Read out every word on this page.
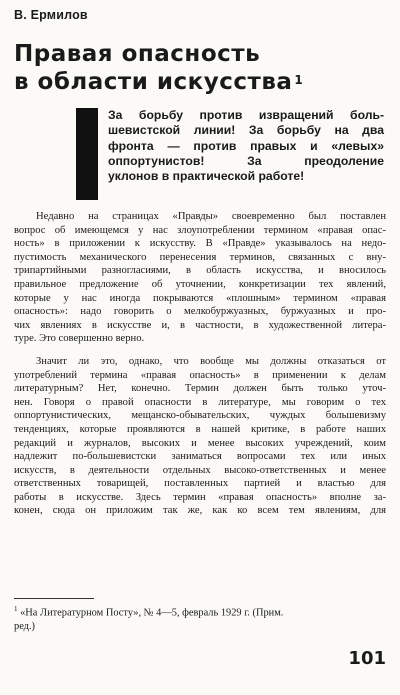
В. Ермилов
Правая опасность
в области искусства $^1$
За борьбу против извращений боль-
шевистской линии! За борьбу на два
фронта — против правых и «левых»
оппортунистов! За преодоление
уклонов в практической работе!
Недавно на страницах «Правды» своевременно был поставлен
вопрос об имеющемся у нас злоупотреблении термином «правая опас-
ность» в приложении к искусству. В «Правде» указывалось на недо-
пустимость механического перенесения терминов, связанных с вну-
трипартийными разногласиями, в область искусства, и вносилось
правильное предложение об уточнении, конкретизации тех явлений,
которые у нас иногда покрываются «плошным» термином «правая
опасность»: надо говорить о мелкобуржуазных, буржуазных и про-
чих явлениях в искусстве и, в частности, в художественной литера-
туре. Это совершенно верно.
Значит ли это, однако, что вообще мы должны отказаться от
употреблений термина «правая опасность» в применении к делам
литературным? Нет, конечно. Термин должен быть только уточ-
нен. Говоря о правой опасности в литературе, мы говорим о тех
оппортунистических, мещанско-обывательских, чуждых большевизму
тенденциях, которые проявляются в нашей критике, в работе наших
редакций и журналов, высоких и менее высоких учреждений, коим
надлежит по-большевистски заниматься вопросами тех или иных
искусств, в деятельности отдельных высоко-ответственных и менее
ответственных товарищей, поставленных партией и властью для
работы в искусстве. Здесь термин «правая опасность» вполне за-
конен, сюда он приложим так же, как ко всем тем явлениям, для
$^1$ «На Литературном Посту», № 4—5, февраль 1929 г. (Прим.
ред.)
101
